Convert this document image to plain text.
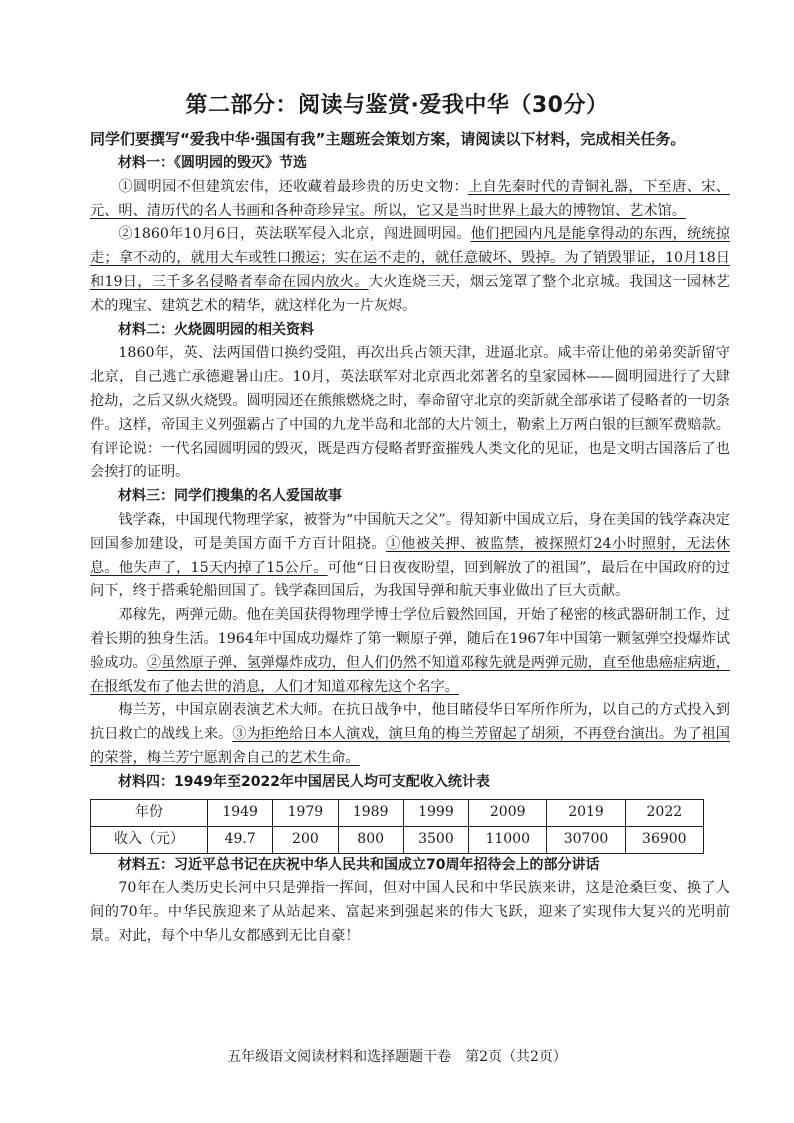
第二部分：阅读与鉴赏·爱我中华（30分）
同学们要撰写“爱我中华·强国有我”主题班会策划方案，请阅读以下材料，完成相关任务。

材料一：《圆明园的毁灭》节选

①圆明园不但建筑宏伟，还收藏着最珍贵的历史文物：上自先秦时代的青铜礼器，下至唐、宋、元、明、清历代的名人书画和各种奇珍异宝。所以，它又是当时世界上最大的博物馆、艺术馆。

②1860年10月6日，英法联军侵入北京，闯进圆明园。他们把园内凡是能拿得动的东西，统统掠走；拿不动的，就用大车或牲口搬运；实在运不走的，就任意破坏、毁掉。为了销毁罪证，10月18日和19日，三千多名侵略者奉命在园内放火。大火连烧三天，烟云笼罩了整个北京城。我国这一园林艺术的瑰宝、建筑艺术的精华，就这样化为一片灰烬。

材料二：火烧圆明园的相关资料

1860年，英、法两国借口换约受阻，再次出兵占领天津，进逼北京。咸丰帝让他的弟弟奕訢留守北京，自己逃亡承德避暑山庄。10月，英法联军对北京西北郊著名的皇家园林——圆明园进行了大肆抢劫，之后又纵火烧毁。圆明园还在熊熊燃烧之时，奉命留守北京的奕訢就全部承诺了侵略者的一切条件。这样，帝国主义列强霸占了中国的九龙半岛和北部的大片领土，勒索上万两白银的巨额军费赔款。有评论说：一代名园圆明园的毁灭，既是西方侵略者野蛮摧残人类文化的见证，也是文明古国落后了也会挨打的证明。

材料三：同学们搜集的名人爱国故事

钱学森，中国现代物理学家，被誉为“中国航天之父”。得知新中国成立后，身在美国的钱学森决定回国参加建设，可是美国方面千方百计阻挠。①他被关押、被监禁，被探照灯24小时照射，无法休息。他失声了，15天内掉了15公斤。可他“日日夜夜盼望，回到解放了的祖国”，最后在中国政府的过问下，终于搭乘轮船回国了。钱学森回国后，为我国导弹和航天事业做出了巨大贡献。

邓稼先，两弹元勋。他在美国获得物理学博士学位后毅然回国，开始了秘密的核武器研制工作，过着长期的独身生活。1964年中国成功爆炸了第一颗原子弹，随后在1967年中国第一颗氢弹空投爆炸试验成功。②虽然原子弹、氢弹爆炸成功，但人们仍然不知道邓稼先就是两弹元勋，直至他患癌症病逝，在报纸发布了他去世的消息，人们才知道邓稼先这个名字。

梅兰芳，中国京剧表演艺术大师。在抗日战争中，他目睹侵华日军所作所为，以自己的方式投入到抗日救亡的战线上来。③为拒绝给日本人演戏，演旦角的梅兰芳留起了胡须，不再登台演出。为了祖国的荣誉，梅兰芳宁愿割舍自己的艺术生命。

材料四：1949年至2022年中国居民人均可支配收入统计表

年份	1949	1979	1989	1999	2009	2019	2022
收入（元）	49.7	200	800	3500	11000	30700	36900

材料五：习近平总书记在庆祝中华人民共和国成立70周年招待会上的部分讲话

70年在人类历史长河中只是弹指一挥间，但对中国人民和中华民族来讲，这是沧桑巨变、换了人间的70年。中华民族迎来了从站起来、富起来到强起来的伟大飞跃，迎来了实现伟大复兴的光明前景。对此，每个中华儿女都感到无比自豪！

五年级语文阅读材料和选择题题干卷　第2页（共2页）
